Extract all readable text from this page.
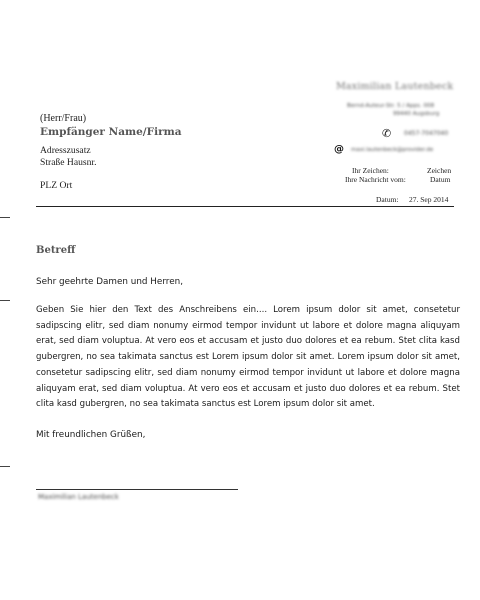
Maximilian Lautenbeck
Bernd-Auteur-Str. 5 / Apps. 008
99440 Augsburg
✆	0457-7047040
@ maxi.lautenbeck@provider.de
Ihr Zeichen:	Zeichen
Ihre Nachricht vom:	Datum
Datum: 27. Sep 2014
(Herr/Frau)
Empfänger Name/Firma
Adresszusatz
Straße Hausnr.
PLZ Ort
Betreff
Sehr geehrte Damen und Herren,
Geben Sie hier den Text des Anschreibens ein.... Lorem ipsum dolor sit amet, consetetur sadipscing elitr, sed diam nonumy eirmod tempor invidunt ut labore et dolore magna aliquyam erat, sed diam voluptua. At vero eos et accusam et justo duo dolores et ea rebum. Stet clita kasd gubergren, no sea takimata sanctus est Lorem ipsum dolor sit amet. Lorem ipsum dolor sit amet, consetetur sadipscing elitr, sed diam nonumy eirmod tempor invidunt ut labore et dolore magna aliquyam erat, sed diam voluptua. At vero eos et accusam et justo duo dolores et ea rebum. Stet clita kasd gubergren, no sea takimata sanctus est Lorem ipsum dolor sit amet.
Mit freundlichen Grüßen,
Maximilian Lautenbeck
